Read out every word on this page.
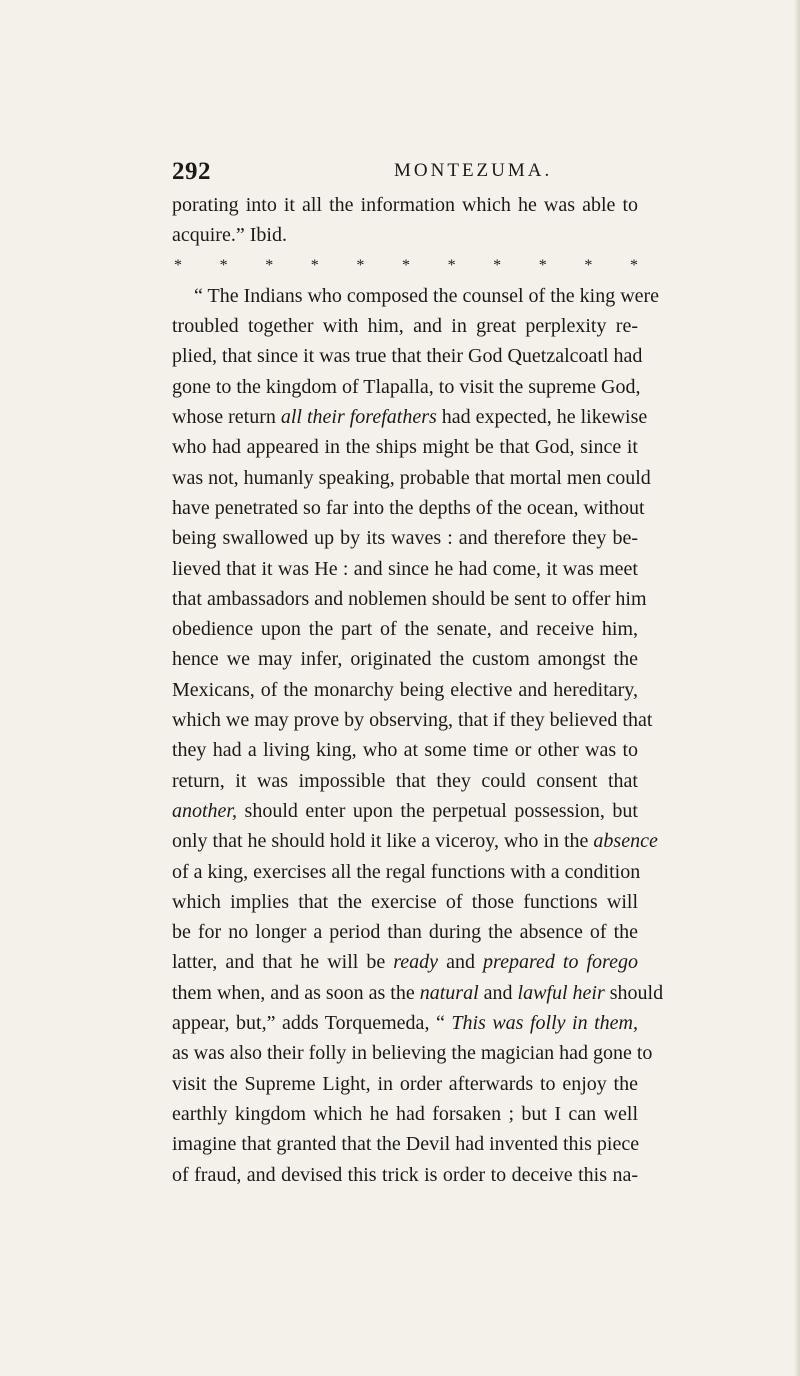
292	MONTEZUMA.
porating into it all the information which he was able to
acquire.” Ibid.
* * * * * * * * * * *
“ The Indians who composed the counsel of the king were
troubled together with him, and in great perplexity re-
plied, that since it was true that their God Quetzalcoatl had
gone to the kingdom of Tlapalla, to visit the supreme God,
whose return all their forefathers had expected, he likewise
who had appeared in the ships might be that God, since it
was not, humanly speaking, probable that mortal men could
have penetrated so far into the depths of the ocean, without
being swallowed up by its waves : and therefore they be-
lieved that it was He : and since he had come, it was meet
that ambassadors and noblemen should be sent to offer him
obedience upon the part of the senate, and receive him,
hence we may infer, originated the custom amongst the
Mexicans, of the monarchy being elective and hereditary,
which we may prove by observing, that if they believed that
they had a living king, who at some time or other was to
return, it was impossible that they could consent that
another, should enter upon the perpetual possession, but
only that he should hold it like a viceroy, who in the absence
of a king, exercises all the regal functions with a condition
which implies that the exercise of those functions will
be for no longer a period than during the absence of the
latter, and that he will be ready and prepared to forego
them when, and as soon as the natural and lawful heir should
appear, but,” adds Torquemeda, “ This was folly in them,
as was also their folly in believing the magician had gone to
visit the Supreme Light, in order afterwards to enjoy the
earthly kingdom which he had forsaken ; but I can well
imagine that granted that the Devil had invented this piece
of fraud, and devised this trick is order to deceive this na-
